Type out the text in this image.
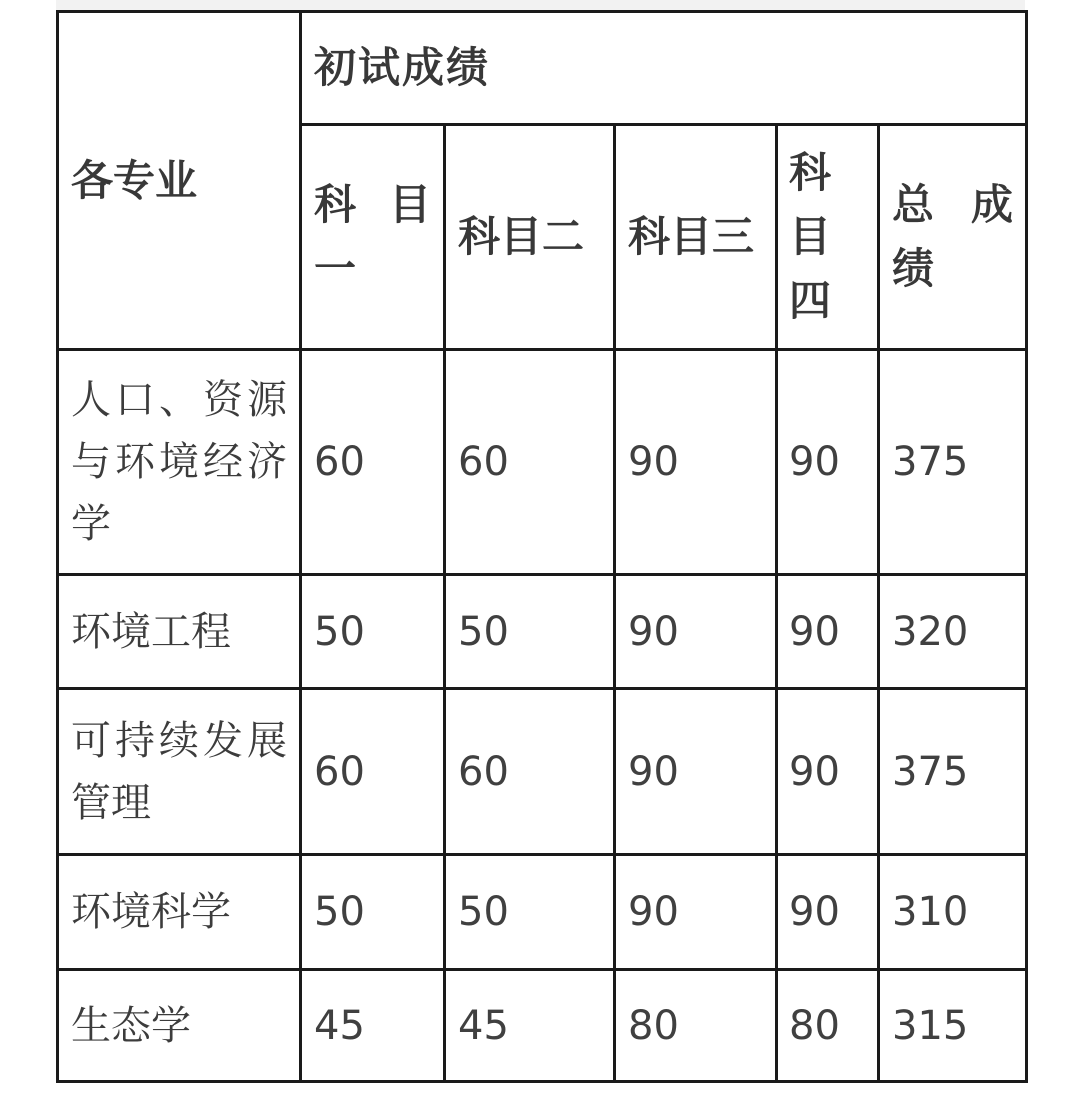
各专业	初试成绩				
	科目一	科目二	科目三	科目四	总成绩
人口、资源与环境经济学	60	60	90	90	375
环境工程	50	50	90	90	320
可持续发展管理	60	60	90	90	375
环境科学	50	50	90	90	310
生态学	45	45	80	80	315
